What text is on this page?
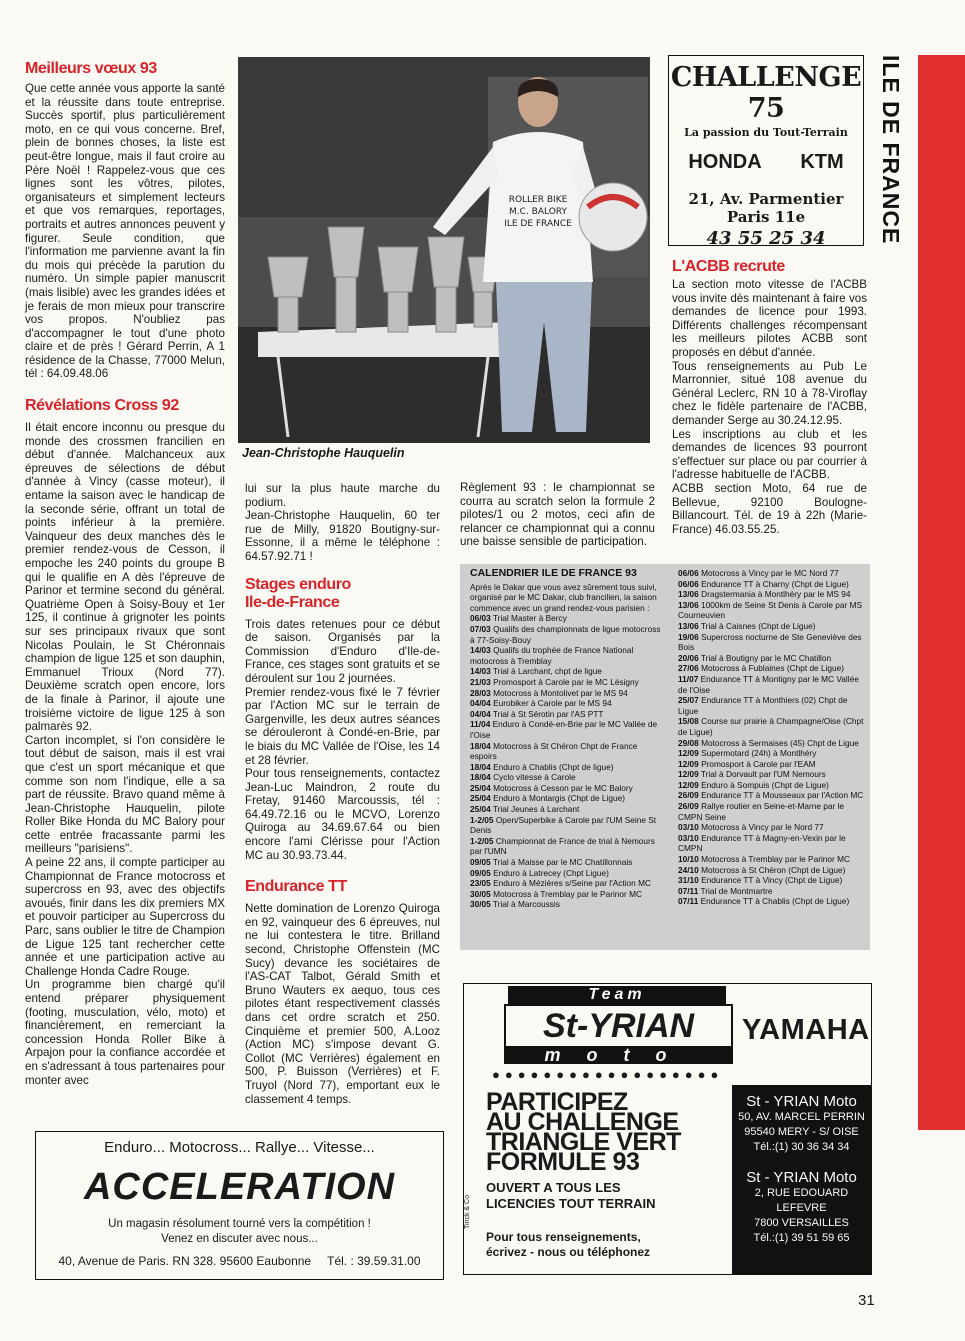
ILE DE FRANCE
Meilleurs vœux 93

Que cette année vous apporte la santé et la réussite dans toute entreprise. Succès sportif, plus particulièrement moto, en ce qui vous concerne. Bref, plein de bonnes choses, la liste est peut-être longue, mais il faut croire au Père Noël ! Rappelez-vous que ces lignes sont les vôtres, pilotes, organisateurs et simplement lecteurs et que vos remarques, reportages, portraits et autres annonces peuvent y figurer. Seule condition, que l'information me parvienne avant la fin du mois qui précède la parution du numéro. Un simple papier manuscrit (mais lisible) avec les grandes idées et je ferais de mon mieux pour transcrire vos propos. N'oubliez pas d'accompagner le tout d'une photo claire et de près ! Gérard Perrin, A 1 résidence de la Chasse, 77000 Melun, tél : 64.09.48.06

Révélations Cross 92

Il était encore inconnu ou presque du monde des crossmen francilien en début d'année. Malchanceux aux épreuves de sélections de début d'année à Vincy (casse moteur), il entame la saison avec le handicap de la seconde série, offrant un total de points inférieur à la première. Vainqueur des deux manches dès le premier rendez-vous de Cesson, il empoche les 240 points du groupe B qui le qualifie en A dès l'épreuve de Parinor et termine second du général. Quatrième Open à Soisy-Bouy et 1er 125, il continue à grignoter les points sur ses principaux rivaux que sont Nicolas Poulain, le St Chéronnais champion de ligue 125 et son dauphin, Emmanuel Trioux (Nord 77). Deuxième scratch open encore, lors de la finale à Parinor, il ajoute une troisième victoire de ligue 125 à son palmarès 92.

Carton incomplet, si l'on considère le tout début de saison, mais il est vrai que c'est un sport mécanique et que comme son nom l'indique, elle a sa part de réussite. Bravo quand même à Jean-Christophe Hauquelin, pilote Roller Bike Honda du MC Balory pour cette entrée fracassante parmi les meilleurs "parisiens".

A peine 22 ans, il compte participer au Championnat de France motocross et supercross en 93, avec des objectifs avoués, finir dans les dix premiers MX et pouvoir participer au Supercross du Parc, sans oublier le titre de Champion de Ligue 125 tant rechercher cette année et une participation active au Challenge Honda Cadre Rouge.

Un programme bien chargé qu'il entend préparer physiquement (footing, musculation, vélo, moto) et financièrement, en remerciant la concession Honda Roller Bike à Arpajon pour la confiance accordée et en s'adressant à tous partenaires pour monter avec

ROLLER BIKE M.C. BALORY ILE DE FRANCE
Jean-Christophe Hauquelin

lui sur la plus haute marche du podium.

Jean-Christophe Hauquelin, 60 ter rue de Milly, 91820 Boutigny-sur-Essonne, il a même le téléphone : 64.57.92.71 !

Stages enduro
Ile-de-France

Trois dates retenues pour ce début de saison. Organisés par la Commission d'Enduro d'Ile-de-France, ces stages sont gratuits et se déroulent sur 1ou 2 journées.

Premier rendez-vous fixé le 7 février par l'Action MC sur le terrain de Gargenville, les deux autres séances se dérouleront à Condé-en-Brie, par le biais du MC Vallée de l'Oise, les 14 et 28 février.

Pour tous renseignements, contactez Jean-Luc Maindron, 2 route du Fretay, 91460 Marcoussis, tél : 64.49.72.16 ou le MCVO, Lorenzo Quiroga au 34.69.67.64 ou bien encore l'ami Clérisse pour l'Action MC au 30.93.73.44.

Endurance TT

Nette domination de Lorenzo Quiroga en 92, vainqueur des 6 épreuves, nul ne lui contestera le titre. Brilland second, Christophe Offenstein (MC Sucy) devance les sociétaires de l'AS-CAT Talbot, Gérald Smith et Bruno Wauters ex aequo, tous ces pilotes étant respectivement classés dans cet ordre scratch et 250. Cinquième et premier 500, A.Looz (Action MC) s'impose devant G. Collot (MC Verrières) également en 500, P. Buisson (Verrières) et F. Truyol (Nord 77), emportant eux le classement 4 temps.

Règlement 93 : le championnat se courra au scratch selon la formule 2 pilotes/1 ou 2 motos, ceci afin de relancer ce championnat qui a connu une baisse sensible de participation.

CHALLENGE 75
La passion du Tout-Terrain
HONDA KTM
21, Av. Parmentier
Paris 11e
43 55 25 34
L'ACBB recrute

La section moto vitesse de l'ACBB vous invite dès maintenant à faire vos demandes de licence pour 1993. Différents challenges récompensant les meilleurs pilotes ACBB sont proposés en début d'année.

Tous renseignements au Pub Le Marronnier, situé 108 avenue du Général Leclerc, RN 10 à 78-Viroflay chez le fidèle partenaire de l'ACBB, demander Serge au 30.24.12.95.

Les inscriptions au club et les demandes de licences 93 pourront s'effectuer sur place ou par courrier à l'adresse habituelle de l'ACBB.

ACBB section Moto, 64 rue de Bellevue, 92100 Boulogne-Billancourt. Tél. de 19 à 22h (Marie-France) 46.03.55.25.

CALENDRIER ILE DE FRANCE 93
Après le Dakar que vous avez sûrement tous suivi, organisé par le MC Dakar, club francilien, la saison commence avec un grand rendez-vous parisien :
06/03 Trial Master à Bercy
07/03 Qualifs des championnats de ligue motocross à 77-Soisy-Bouy
14/03 Qualifs du trophée de France National motocross à Tremblay
14/03 Trial à Larchant, chpt de ligue
21/03 Promosport à Carole par le MC Lésigny
28/03 Motocross à Montolivet par le MS 94
04/04 Eurobiker à Carole par le MS 94
04/04 Trial à St Sérotin par l'AS PTT
11/04 Enduro à Condé-en-Brie par le MC Vallée de l'Oise
18/04 Motocross à St Chéron Chpt de France espoirs
18/04 Enduro à Chablis (Chpt de ligue)
18/04 Cyclo vitesse à Carole
25/04 Motocross à Cesson par le MC Balory
25/04 Enduro à Montargis (Chpt de Ligue)
25/04 Trial Jeunes à Larchant
1-2/05 Open/Superbike à Carole par l'UM Seine St Denis
1-2/05 Championnat de France de trial à Nemours par l'UMN
09/05 Trial à Maisse par le MC Chatillonnais
09/05 Enduro à Latrecey (Chpt Ligue)
23/05 Enduro à Mézières s/Seine par l'Action MC
30/05 Motocross à Tremblay par le Parinor MC
30/05 Trial à Marcoussis
06/06 Motocross à Vincy par le MC Nord 77
06/06 Endurance TT à Charny (Chpt de Ligue)
13/06 Dragstermania à Montlhéry par le MS 94
13/06 1000km de Seine St Denis à Carole par MS Courneuvien
13/06 Trial à Caisnes (Chpt de Ligue)
19/06 Supercross nocturne de Ste Geneviève des Bois
20/06 Trial à Boutigny par le MC Chatillon
27/06 Motocross à Fublaines (Chpt de Ligue)
11/07 Endurance TT à Montigny par le MC Vallée de l'Oise
25/07 Endurance TT à Monthiers (02) Chpt de Ligue
15/08 Course sur prairie à Champagne/Oise (Chpt de Ligue)
29/08 Motocross à Sermaises (45) Chpt de Ligue
12/09 Supermotard (24h) à Montlhéry
12/09 Promosport à Carole par l'EAM
12/09 Trial à Dorvault par l'UM Nemours
12/09 Enduro à Sompuis (Chpt de Ligue)
26/09 Endurance TT à Mousseaux par l'Action MC
26/09 Rallye routier en Seine-et-Marne par le CMPN Seine
03/10 Motocross à Vincy par le Nord 77
03/10 Endurance TT à Magny-en-Vexin par le CMPN
10/10 Motocross à Tremblay par le Parinor MC
24/10 Motocross à St Chéron (Chpt de Ligue)
31/10 Endurance TT à Vincy (Chpt de Ligue)
07/11 Trial de Montmartre
07/11 Endurance TT à Chablis (Chpt de Ligue)
Team
St-YRIAN
moto
YAMAHA
●●●●●●●●●●●●●●●●●●
PARTICIPEZ
AU CHALLENGE
TRIANGLE VERT
FORMULE 93
OUVERT A TOUS LES
LICENCIES TOUT TERRAIN
Pour tous renseignements,
écrivez - nous ou téléphonez
Tinck & Co
St - YRIAN Moto
50, AV. MARCEL PERRIN
95540 MERY - S/ OISE
Tél.:(1) 30 36 34 34
St - YRIAN Moto
2, RUE EDOUARD LEFEVRE
7800 VERSAILLES
Tél.:(1) 39 51 59 65
Enduro... Motocross... Rallye... Vitesse...
ACCELERATION
Un magasin résolument tourné vers la compétition !
Venez en discuter avec nous...
40, Avenue de Paris. RN 328. 95600 Eaubonne Tél. : 39.59.31.00
31
